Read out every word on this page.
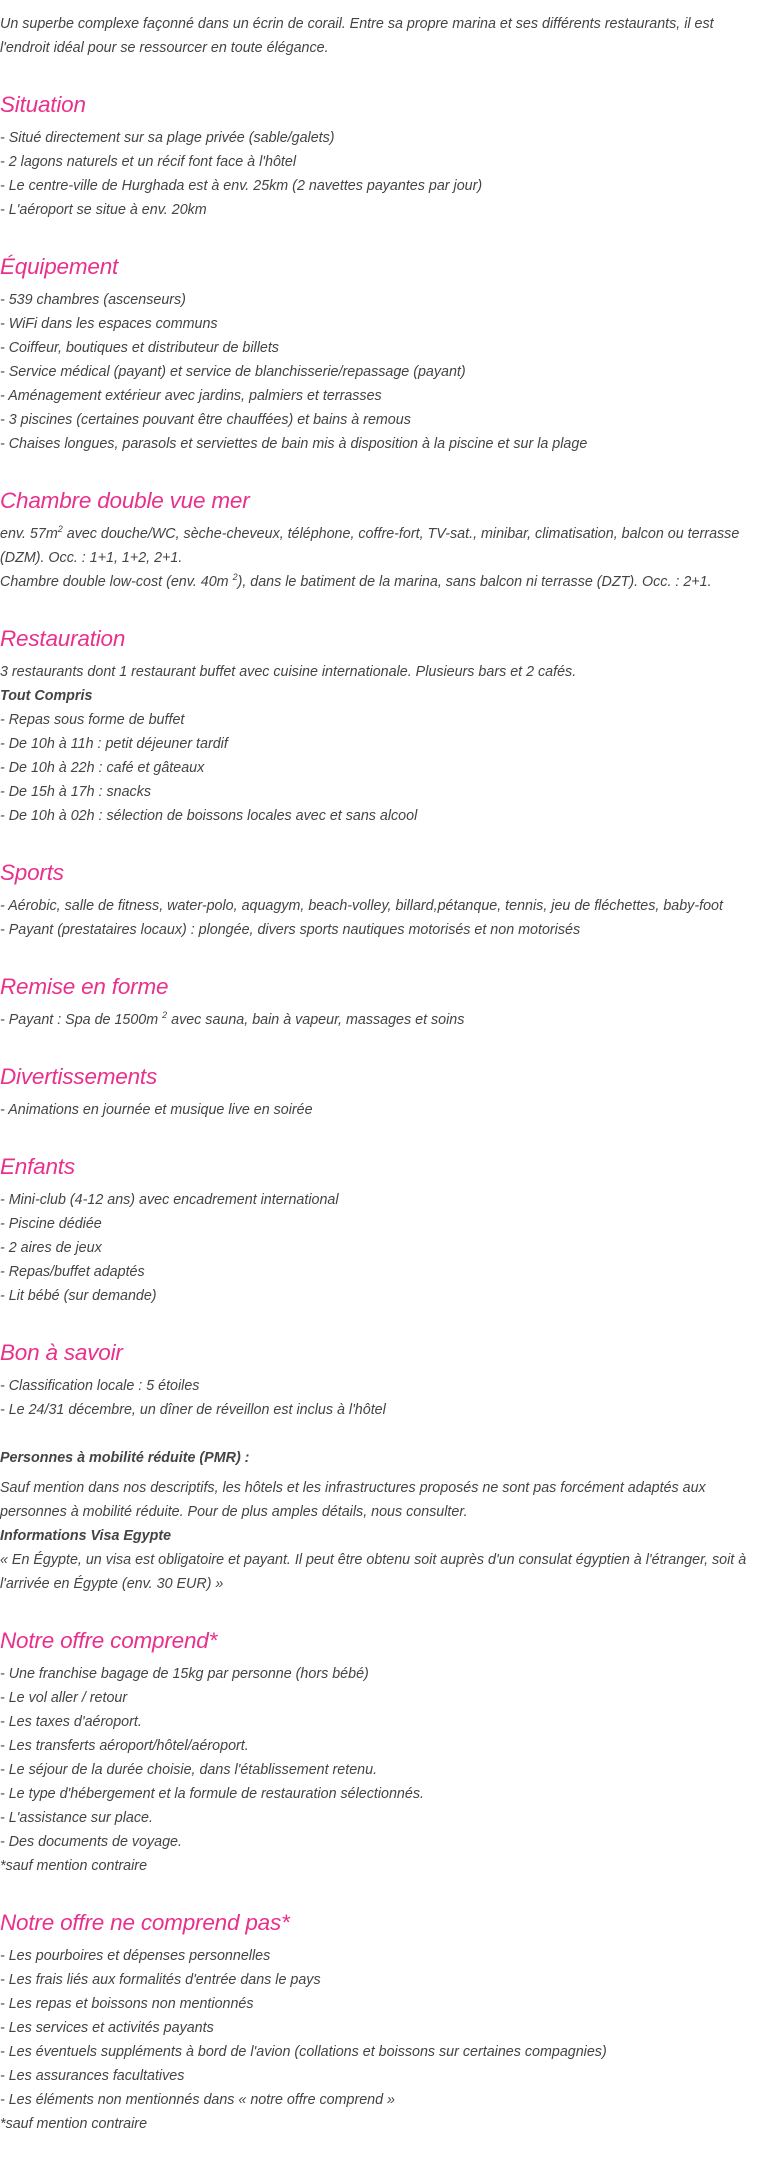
Un superbe complexe façonné dans un écrin de corail. Entre sa propre marina et ses différents restaurants, il est l'endroit idéal pour se ressourcer en toute élégance.

Situation

- Situé directement sur sa plage privée (sable/galets)

- 2 lagons naturels et un récif font face à l'hôtel

- Le centre-ville de Hurghada est à env. 25km (2 navettes payantes par jour)

- L'aéroport se situe à env. 20km

Équipement

- 539 chambres (ascenseurs)

- WiFi dans les espaces communs

- Coiffeur, boutiques et distributeur de billets

- Service médical (payant) et service de blanchisserie/repassage (payant)

- Aménagement extérieur avec jardins, palmiers et terrasses

- 3 piscines (certaines pouvant être chauffées) et bains à remous

- Chaises longues, parasols et serviettes de bain mis à disposition à la piscine et sur la plage

Chambre double vue mer

env. $57m^2$ avec douche/WC, sèche-cheveux, téléphone, coffre-fort, TV-sat., minibar, climatisation, balcon ou terrasse (DZM). Occ. : 1+1, 1+2, 2+1.

Chambre double low-cost (env. 40m $^2$), dans le batiment de la marina, sans balcon ni terrasse (DZT). Occ. : 2+1.

Restauration

3 restaurants dont 1 restaurant buffet avec cuisine internationale. Plusieurs bars et 2 cafés.

Tout Compris

- Repas sous forme de buffet

- De 10h à 11h : petit déjeuner tardif

- De 10h à 22h : café et gâteaux

- De 15h à 17h : snacks

- De 10h à 02h : sélection de boissons locales avec et sans alcool

Sports

- Aérobic, salle de fitness, water-polo, aquagym, beach-volley, billard,pétanque, tennis, jeu de fléchettes, baby-foot

- Payant (prestataires locaux) : plongée, divers sports nautiques motorisés et non motorisés

Remise en forme

- Payant : Spa de 1500m $^2$ avec sauna, bain à vapeur, massages et soins

Divertissements

- Animations en journée et musique live en soirée

Enfants

- Mini-club (4-12 ans) avec encadrement international

- Piscine dédiée

- 2 aires de jeux

- Repas/buffet adaptés

- Lit bébé (sur demande)

Bon à savoir

- Classification locale : 5 étoiles

- Le 24/31 décembre, un dîner de réveillon est inclus à l'hôtel

Personnes à mobilité réduite (PMR) :

Sauf mention dans nos descriptifs, les hôtels et les infrastructures proposés ne sont pas forcément adaptés aux personnes à mobilité réduite. Pour de plus amples détails, nous consulter.

Informations Visa Egypte

« En Égypte, un visa est obligatoire et payant. Il peut être obtenu soit auprès d'un consulat égyptien à l'étranger, soit à l'arrivée en Égypte (env. 30 EUR) »

Notre offre comprend*

- Une franchise bagage de 15kg par personne (hors bébé)

- Le vol aller / retour

- Les taxes d'aéroport.

- Les transferts aéroport/hôtel/aéroport.

- Le séjour de la durée choisie, dans l'établissement retenu.

- Le type d'hébergement et la formule de restauration sélectionnés.

- L'assistance sur place.

- Des documents de voyage.

*sauf mention contraire

Notre offre ne comprend pas*

- Les pourboires et dépenses personnelles

- Les frais liés aux formalités d'entrée dans le pays

- Les repas et boissons non mentionnés

- Les services et activités payants

- Les éventuels suppléments à bord de l'avion (collations et boissons sur certaines compagnies)

- Les assurances facultatives

- Les éléments non mentionnés dans « notre offre comprend »

*sauf mention contraire
